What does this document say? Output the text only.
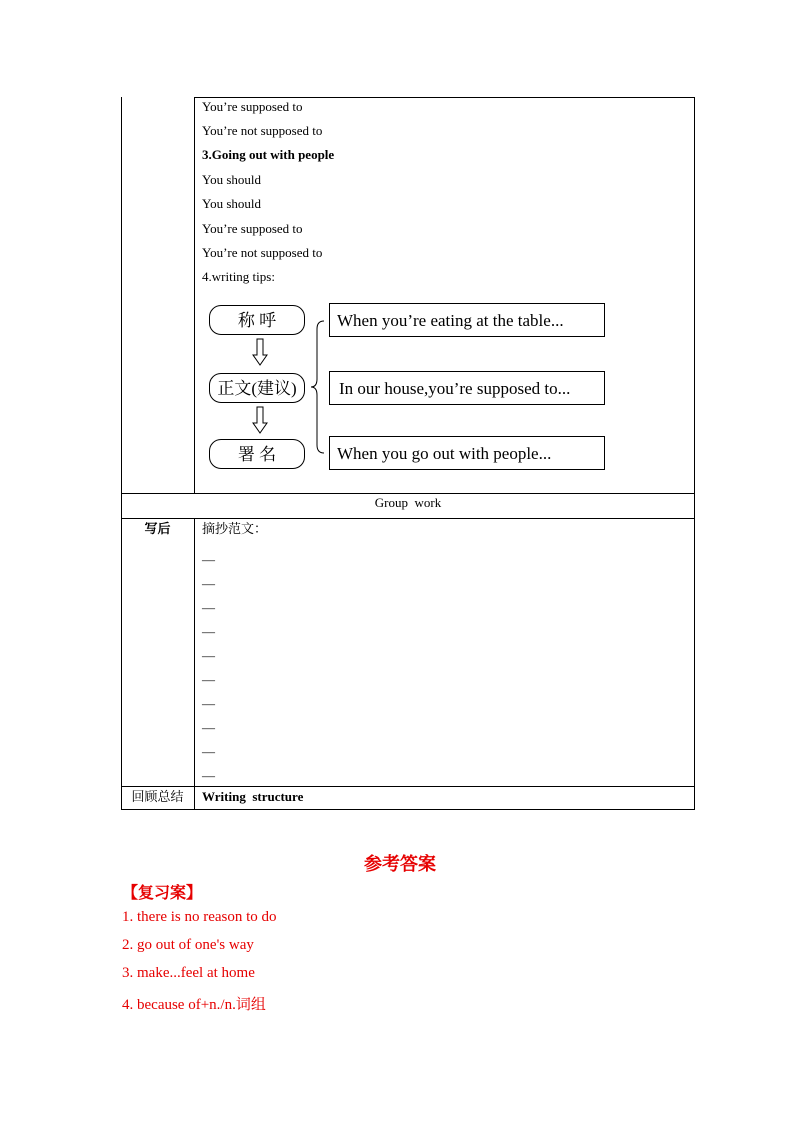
You’re supposed to
You’re not supposed to
3.Going out with people
You should
You should
You’re supposed to
You’re not supposed to
4.writing tips:
称 呼
正文(建议)
署 名
When you’re eating at the table...
In our house,you’re supposed to...
When you go out with people...
Group  work
写后	摘抄范文：
—
—
—
—
—
—
—
—
—
—
回顾总结	Writing  structure
参考答案
【复习案】
1. there is no reason to do
2. go out of one's way
3. make...feel at home
4. because of+n./n.词组
